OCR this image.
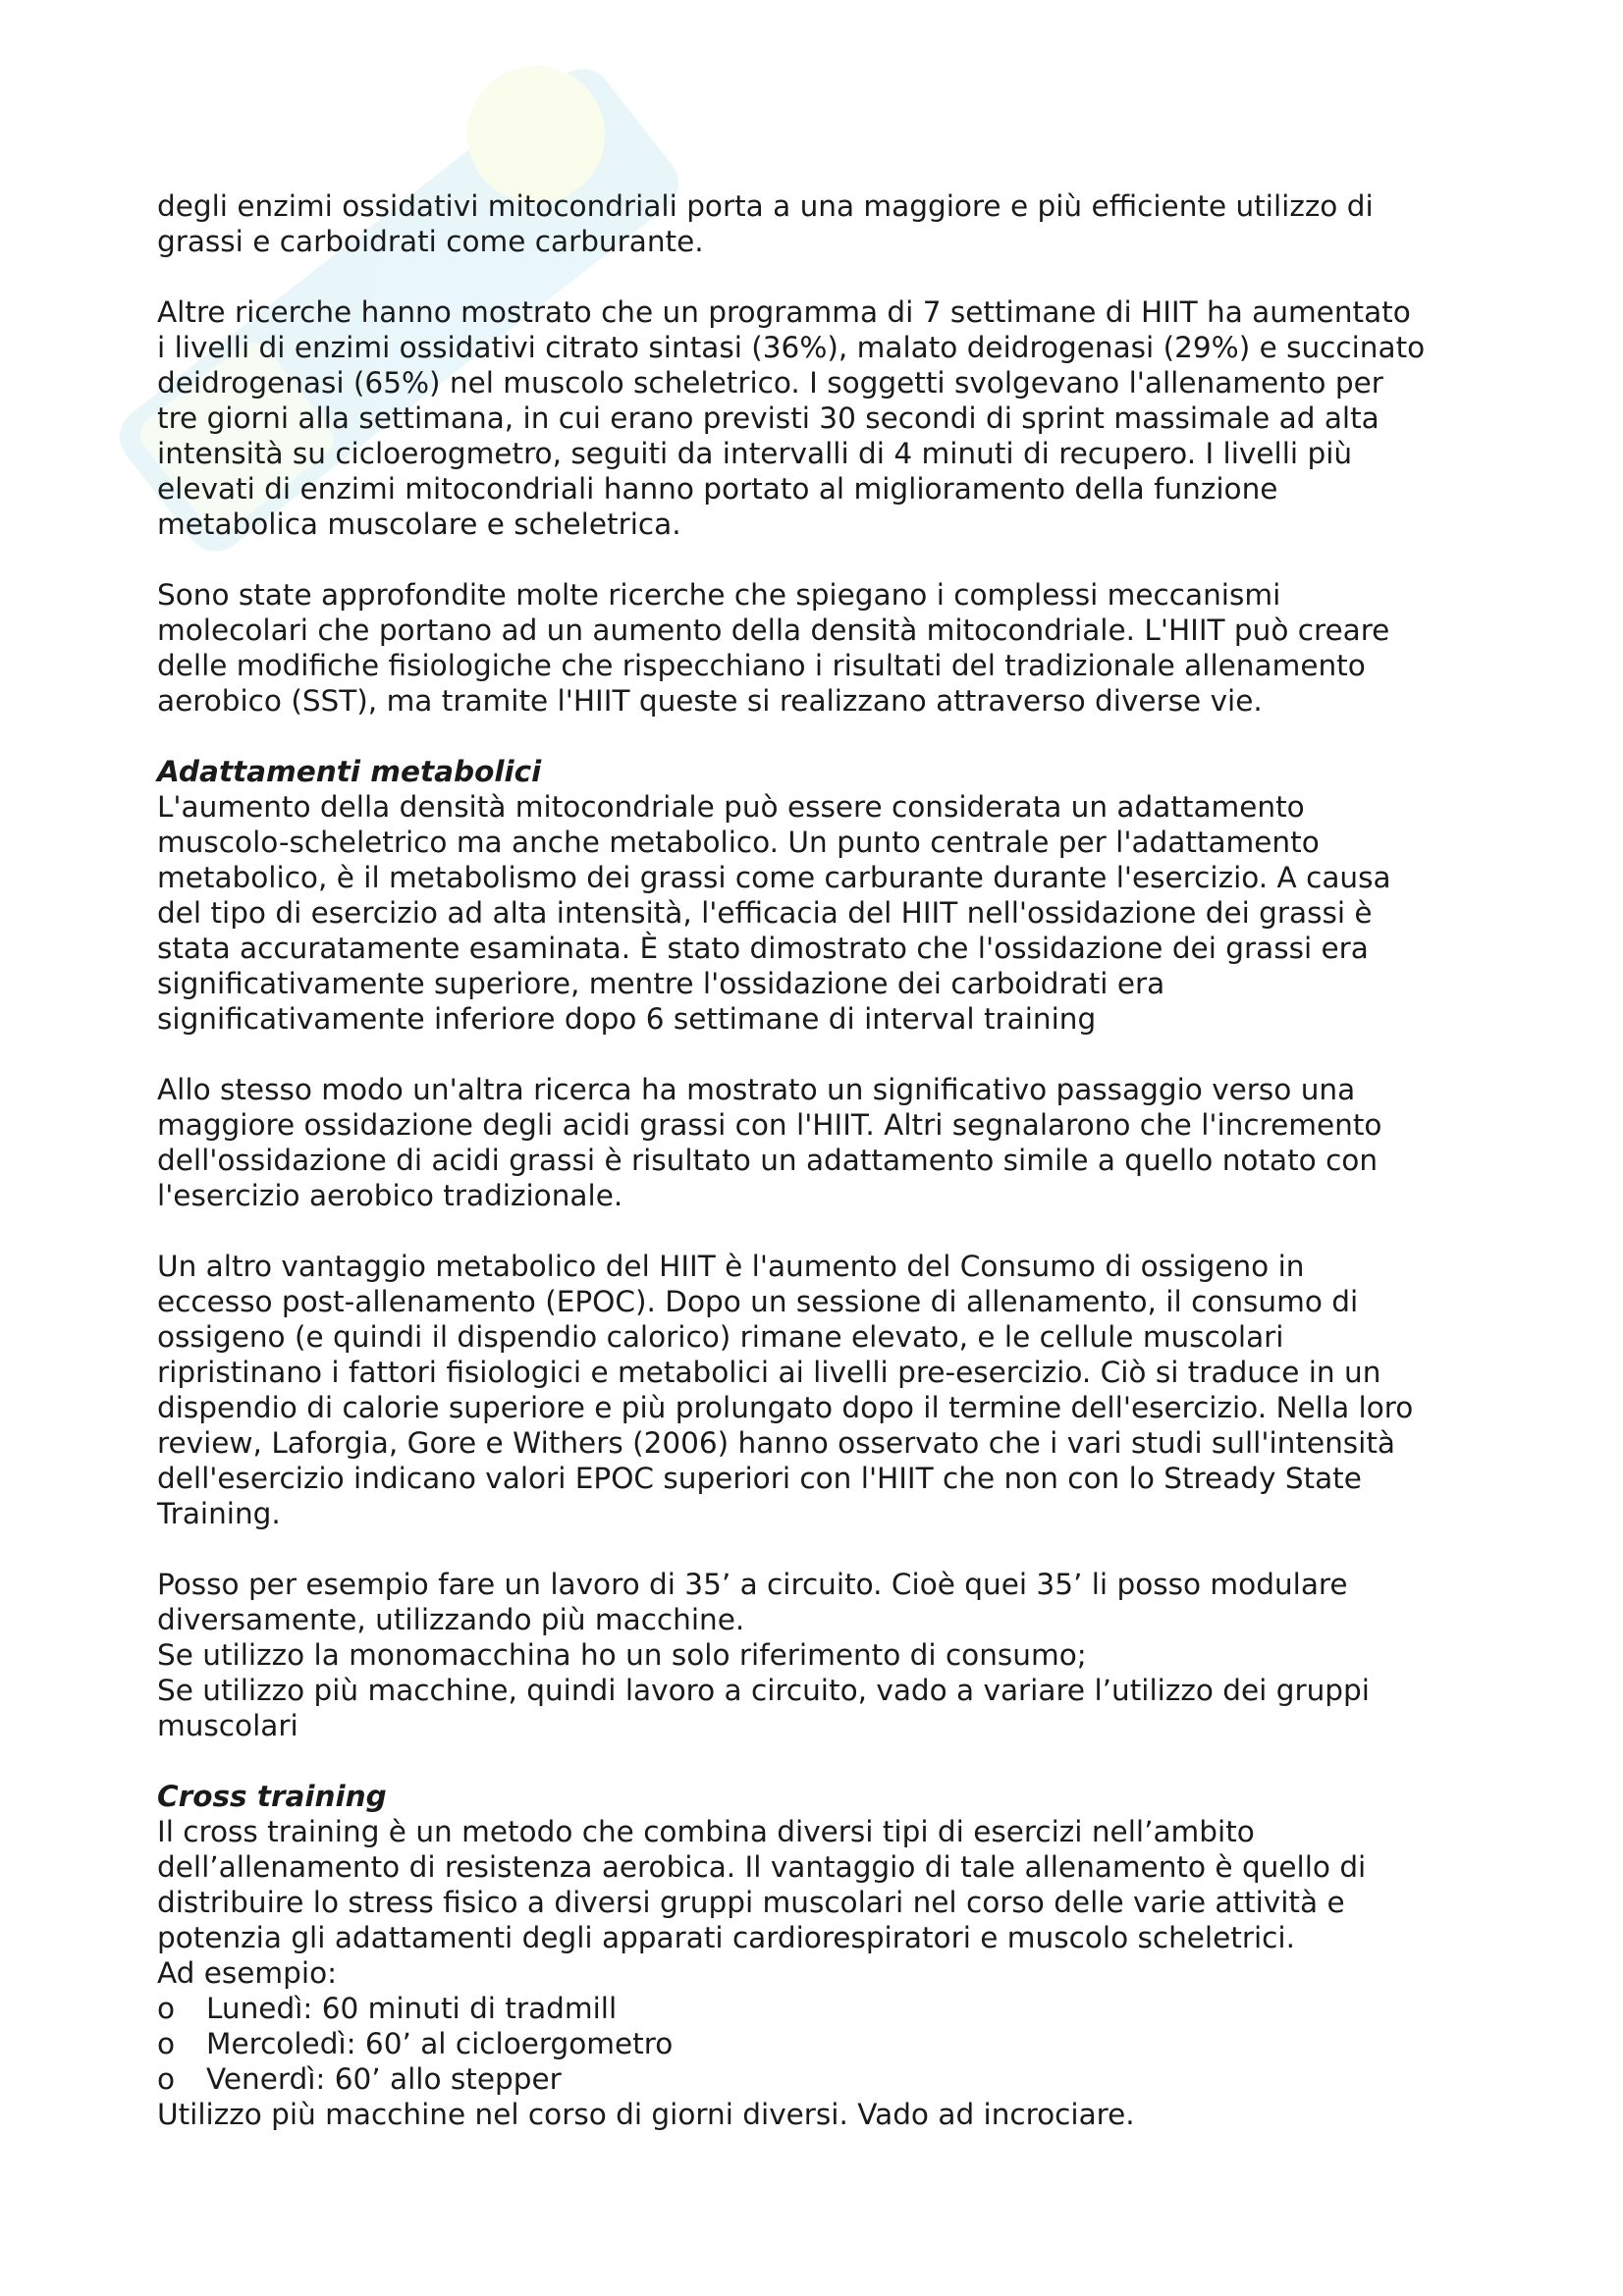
degli enzimi ossidativi mitocondriali porta a una maggiore e più efficiente utilizzo di
grassi e carboidrati come carburante.

Altre ricerche hanno mostrato che un programma di 7 settimane di HIIT ha aumentato
i livelli di enzimi ossidativi citrato sintasi (36%), malato deidrogenasi (29%) e succinato
deidrogenasi (65%) nel muscolo scheletrico. I soggetti svolgevano l'allenamento per
tre giorni alla settimana, in cui erano previsti 30 secondi di sprint massimale ad alta
intensità su cicloerogmetro, seguiti da intervalli di 4 minuti di recupero. I livelli più
elevati di enzimi mitocondriali hanno portato al miglioramento della funzione
metabolica muscolare e scheletrica.

Sono state approfondite molte ricerche che spiegano i complessi meccanismi
molecolari che portano ad un aumento della densità mitocondriale. L'HIIT può creare
delle modifiche fisiologiche che rispecchiano i risultati del tradizionale allenamento
aerobico (SST), ma tramite l'HIIT queste si realizzano attraverso diverse vie.

Adattamenti metabolici

L'aumento della densità mitocondriale può essere considerata un adattamento
muscolo-scheletrico ma anche metabolico. Un punto centrale per l'adattamento
metabolico, è il metabolismo dei grassi come carburante durante l'esercizio. A causa
del tipo di esercizio ad alta intensità, l'efficacia del HIIT nell'ossidazione dei grassi è
stata accuratamente esaminata. È stato dimostrato che l'ossidazione dei grassi era
significativamente superiore, mentre l'ossidazione dei carboidrati era
significativamente inferiore dopo 6 settimane di interval training

Allo stesso modo un'altra ricerca ha mostrato un significativo passaggio verso una
maggiore ossidazione degli acidi grassi con l'HIIT. Altri segnalarono che l'incremento
dell'ossidazione di acidi grassi è risultato un adattamento simile a quello notato con
l'esercizio aerobico tradizionale.

Un altro vantaggio metabolico del HIIT è l'aumento del Consumo di ossigeno in
eccesso post-allenamento (EPOC). Dopo un sessione di allenamento, il consumo di
ossigeno (e quindi il dispendio calorico) rimane elevato, e le cellule muscolari
ripristinano i fattori fisiologici e metabolici ai livelli pre-esercizio. Ciò si traduce in un
dispendio di calorie superiore e più prolungato dopo il termine dell'esercizio. Nella loro
review, Laforgia, Gore e Withers (2006) hanno osservato che i vari studi sull'intensità
dell'esercizio indicano valori EPOC superiori con l'HIIT che non con lo Stready State
Training.

Posso per esempio fare un lavoro di 35’ a circuito. Cioè quei 35’ li posso modulare
diversamente, utilizzando più macchine.
Se utilizzo la monomacchina ho un solo riferimento di consumo;
Se utilizzo più macchine, quindi lavoro a circuito, vado a variare l’utilizzo dei gruppi
muscolari

Cross training

Il cross training è un metodo che combina diversi tipi di esercizi nell’ambito
dell’allenamento di resistenza aerobica. Il vantaggio di tale allenamento è quello di
distribuire lo stress fisico a diversi gruppi muscolari nel corso delle varie attività e
potenzia gli adattamenti degli apparati cardiorespiratori e muscolo scheletrici.
Ad esempio:

o	Lunedì: 60 minuti di tradmill
o	Mercoledì: 60’ al cicloergometro
o	Venerdì: 60’ allo stepper

Utilizzo più macchine nel corso di giorni diversi. Vado ad incrociare.
